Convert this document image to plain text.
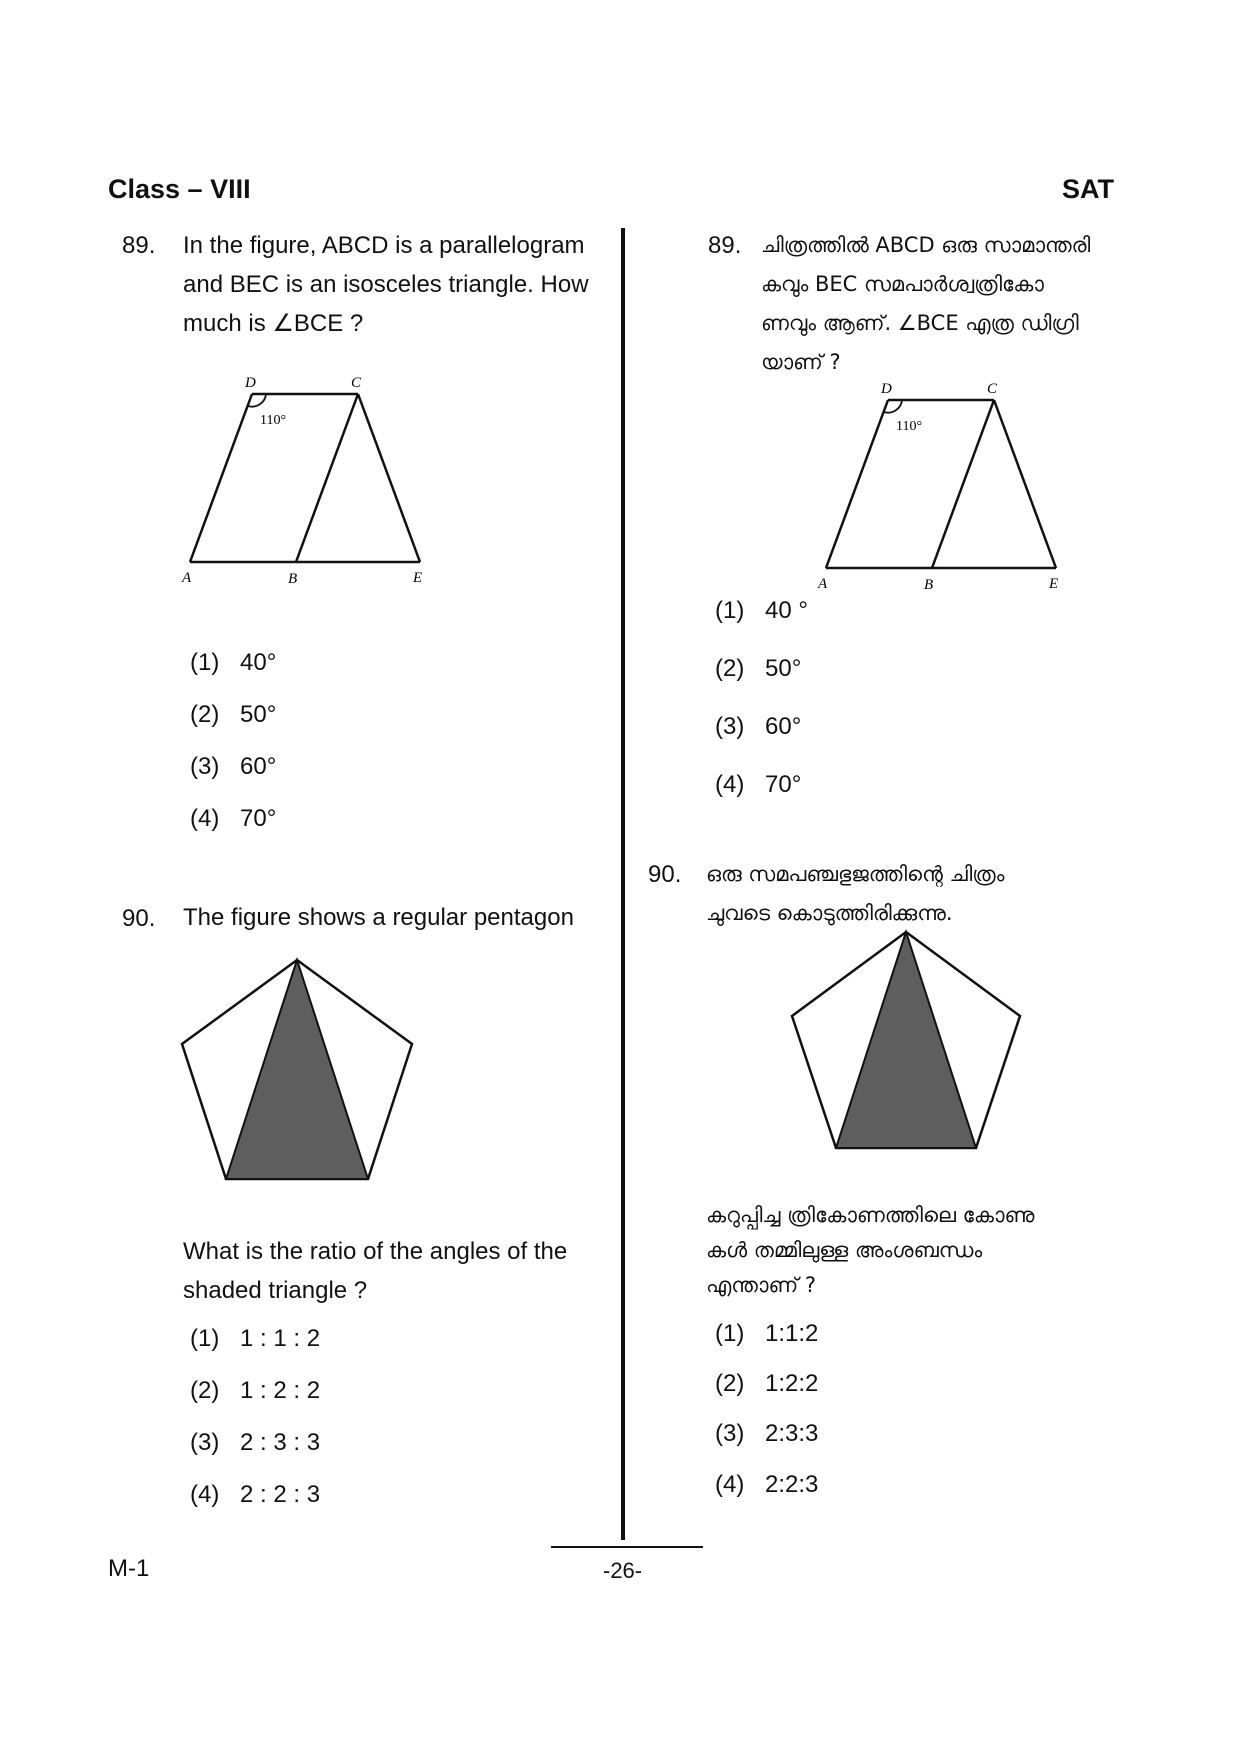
Class – VIII	SAT
89. In the figure, ABCD is a parallelogram
and BEC is an isosceles triangle. How
much is ∠BCE ?
D	C
A	B	E
110°
(1) 40°
(2) 50°
(3) 60°
(4) 70°
90. The figure shows a regular pentagon
What is the ratio of the angles of the
shaded triangle ?
(1) 1 : 1 : 2
(2) 1 : 2 : 2
(3) 2 : 3 : 3
(4) 2 : 2 : 3
89. ചിത്രത്തിൽ ABCD ഒരു സാമാന്തരി
കവും BEC സമപാർശ്വത്രികോ
ണവും ആണ്. ∠BCE എത്ര ഡിഗ്രി
യാണ് ?
D	C
A	B	E
110°
(1) 40 °
(2) 50°
(3) 60°
(4) 70°
90. ഒരു സമപഞ്ചഭുജത്തിന്റെ ചിത്രം
ചുവടെ കൊടുത്തിരിക്കുന്നു.
കറുപ്പിച്ച ത്രികോണത്തിലെ കോണു
കൾ തമ്മിലുള്ള അംശബന്ധം
എന്താണ് ?
(1) 1:1:2
(2) 1:2:2
(3) 2:3:3
(4) 2:2:3
M-1	-26-
